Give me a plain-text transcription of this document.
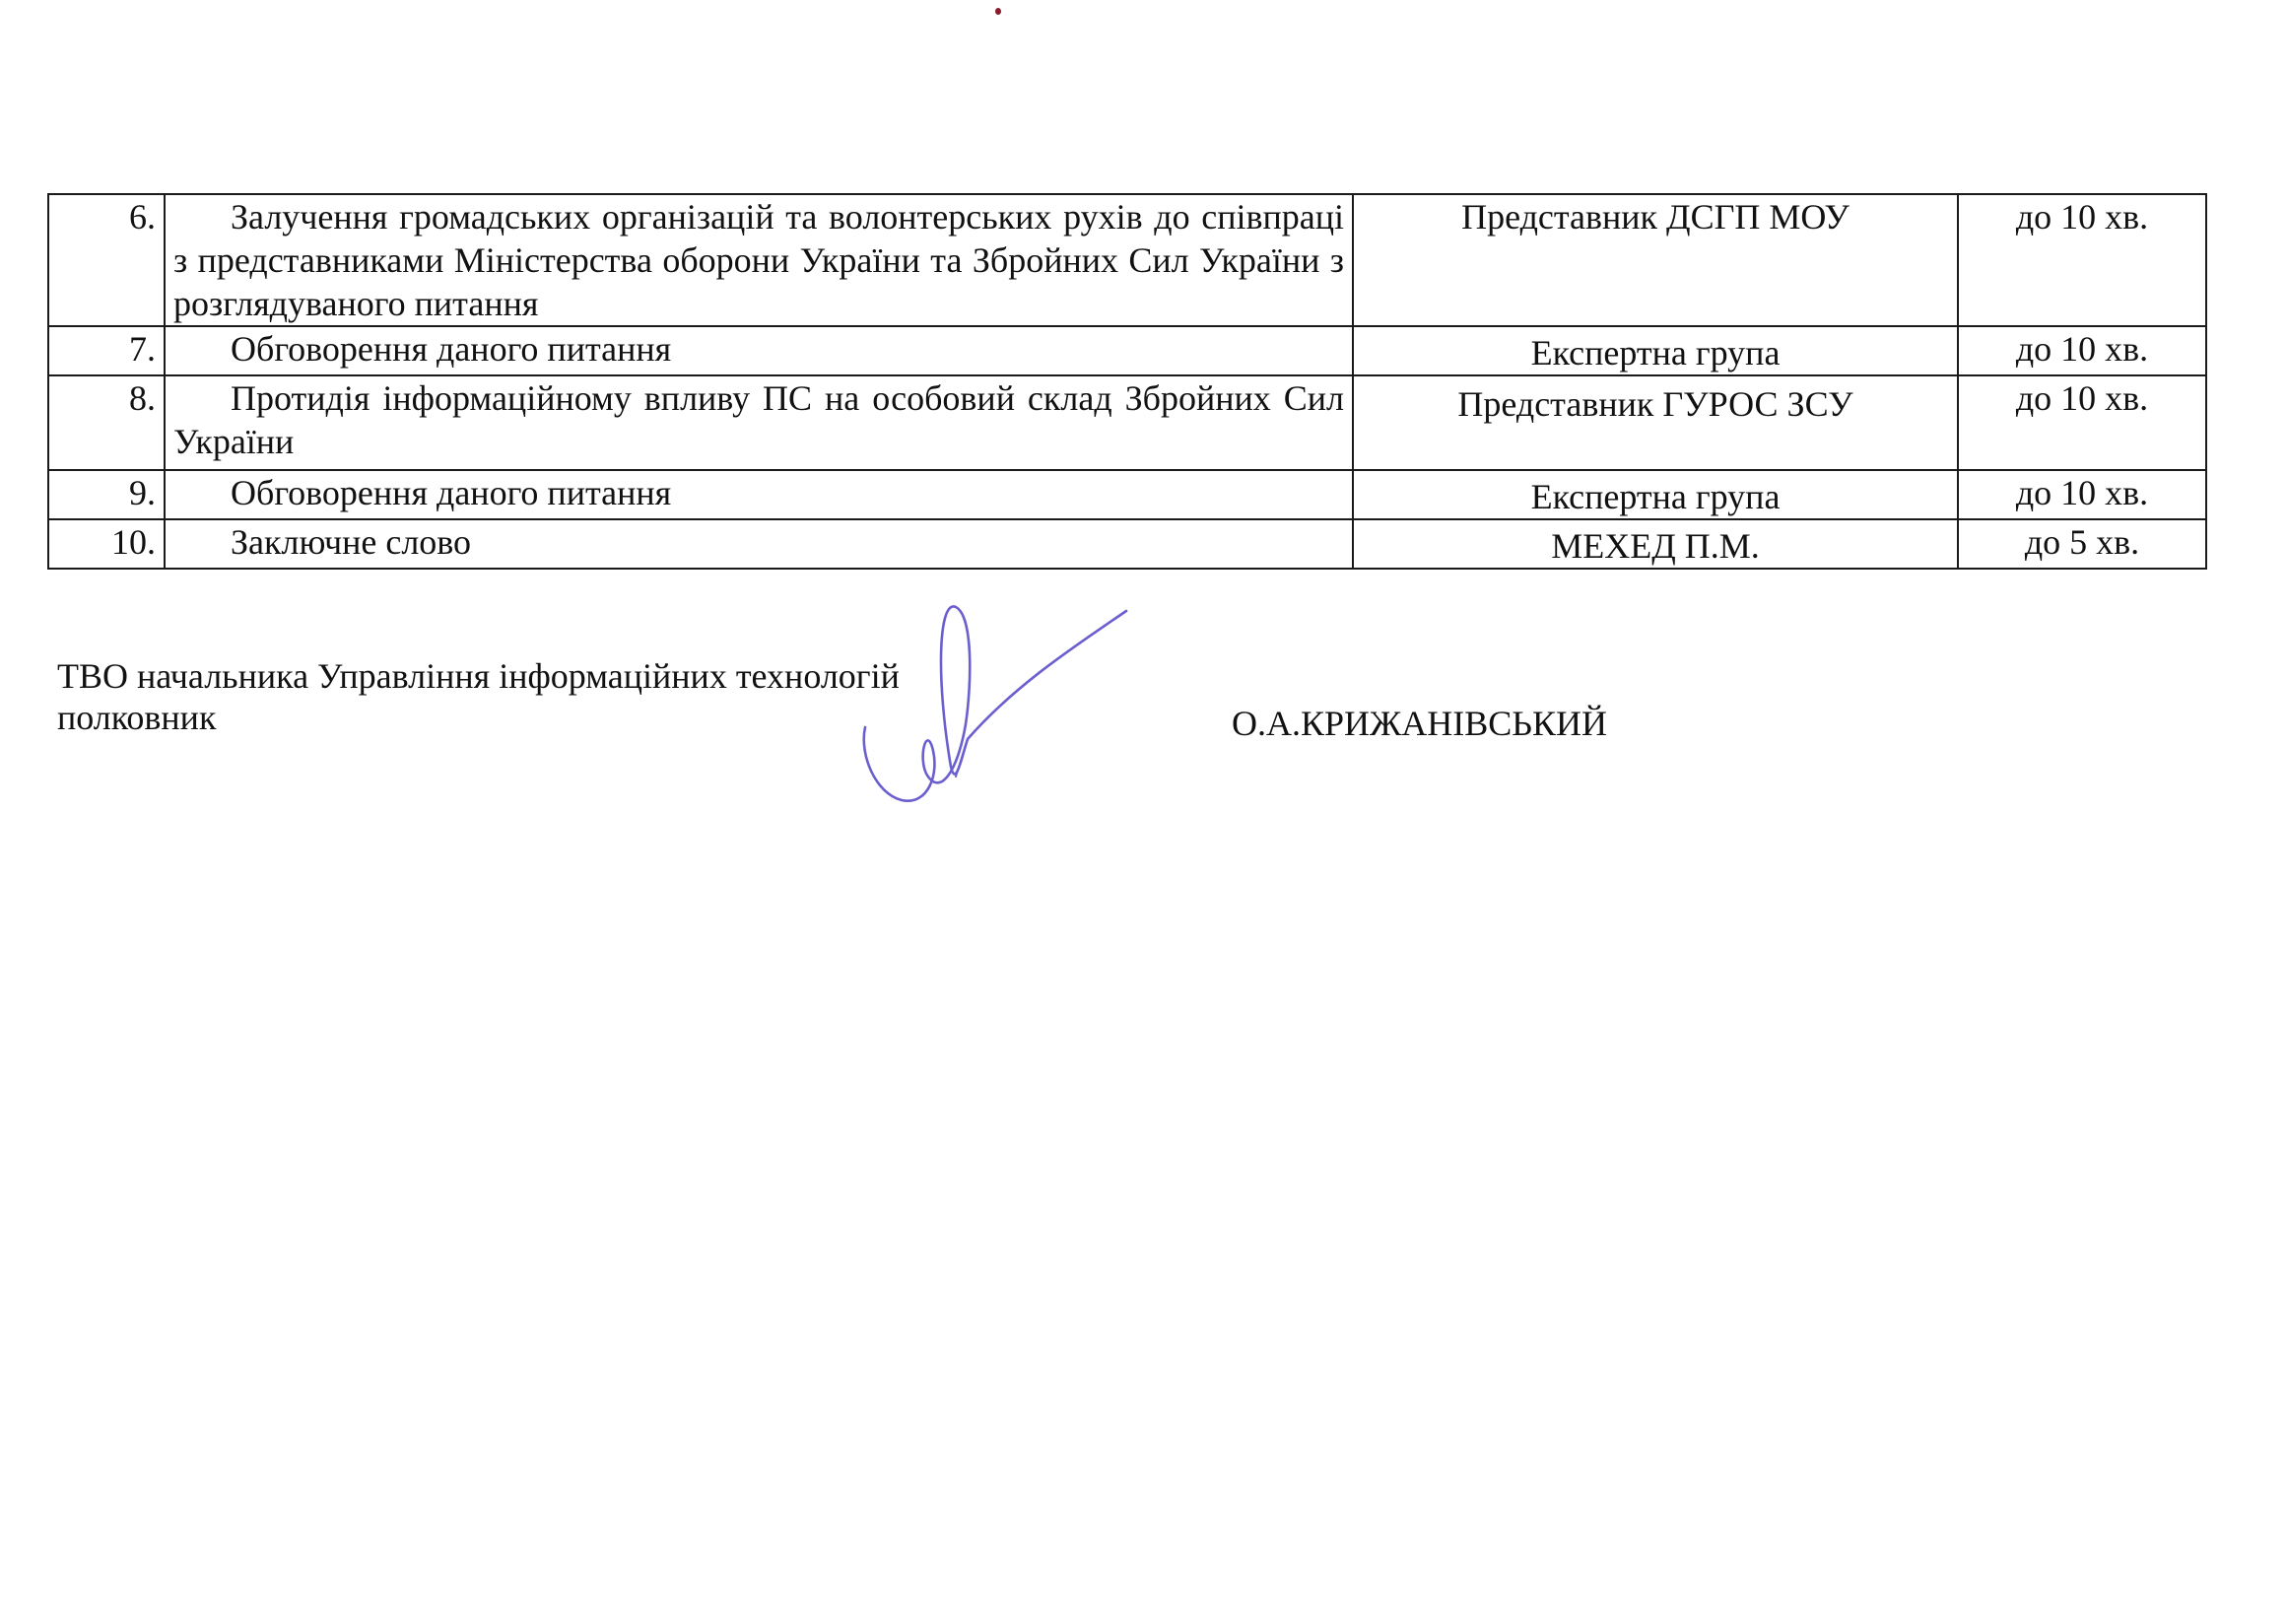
6.	Залучення громадських організацій та волонтерських рухів до співпраці з представниками Міністерства оборони України та Збройних Сил України з розглядуваного питання	Представник ДСГП МОУ	до 10 хв.
7.	Обговорення даного питання	Експертна група	до 10 хв.
8.	Протидія інформаційному впливу ПС на особовий склад Збройних Сил України	Представник ГУРОС ЗСУ	до 10 хв.
9.	Обговорення даного питання	Експертна група	до 10 хв.
10.	Заключне слово	МЕХЕД П.М.	до 5 хв.
ТВО начальника Управління інформаційних технологій
полковник	О.А.КРИЖАНІВСЬКИЙ
